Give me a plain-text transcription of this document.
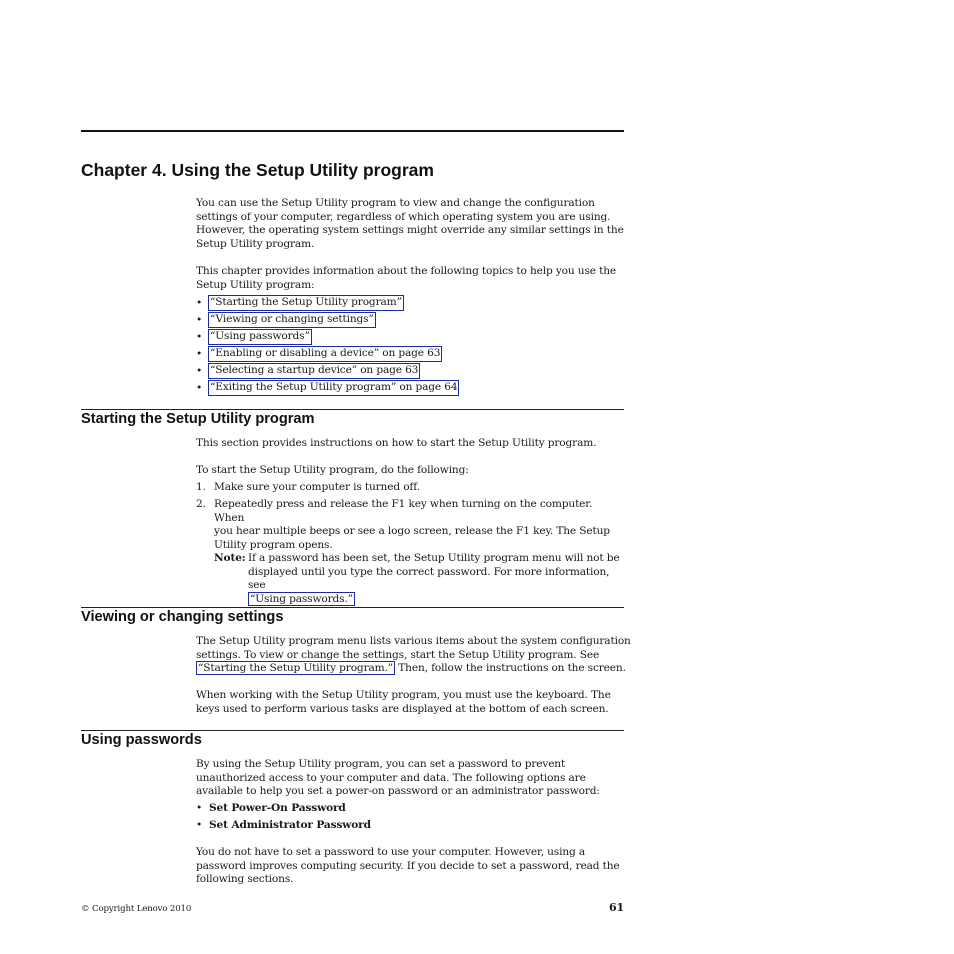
Chapter 4. Using the Setup Utility program
You can use the Setup Utility program to view and change the configuration
settings of your computer, regardless of which operating system you are using.
However, the operating system settings might override any similar settings in the
Setup Utility program.
This chapter provides information about the following topics to help you use the
Setup Utility program:
• “Starting the Setup Utility program”
• “Viewing or changing settings”
• “Using passwords”
• “Enabling or disabling a device” on page 63
• “Selecting a startup device” on page 63
• “Exiting the Setup Utility program” on page 64
Starting the Setup Utility program
This section provides instructions on how to start the Setup Utility program.
To start the Setup Utility program, do the following:
1. Make sure your computer is turned off.
2. Repeatedly press and release the F1 key when turning on the computer. When
you hear multiple beeps or see a logo screen, release the F1 key. The Setup
Utility program opens.
Note: If a password has been set, the Setup Utility program menu will not be
displayed until you type the correct password. For more information, see
“Using passwords.”
Viewing or changing settings
The Setup Utility program menu lists various items about the system configuration
settings. To view or change the settings, start the Setup Utility program. See
“Starting the Setup Utility program.” Then, follow the instructions on the screen.
When working with the Setup Utility program, you must use the keyboard. The
keys used to perform various tasks are displayed at the bottom of each screen.
Using passwords
By using the Setup Utility program, you can set a password to prevent
unauthorized access to your computer and data. The following options are
available to help you set a power-on password or an administrator password:
• Set Power-On Password
• Set Administrator Password
You do not have to set a password to use your computer. However, using a
password improves computing security. If you decide to set a password, read the
following sections.
© Copyright Lenovo 2010	61
